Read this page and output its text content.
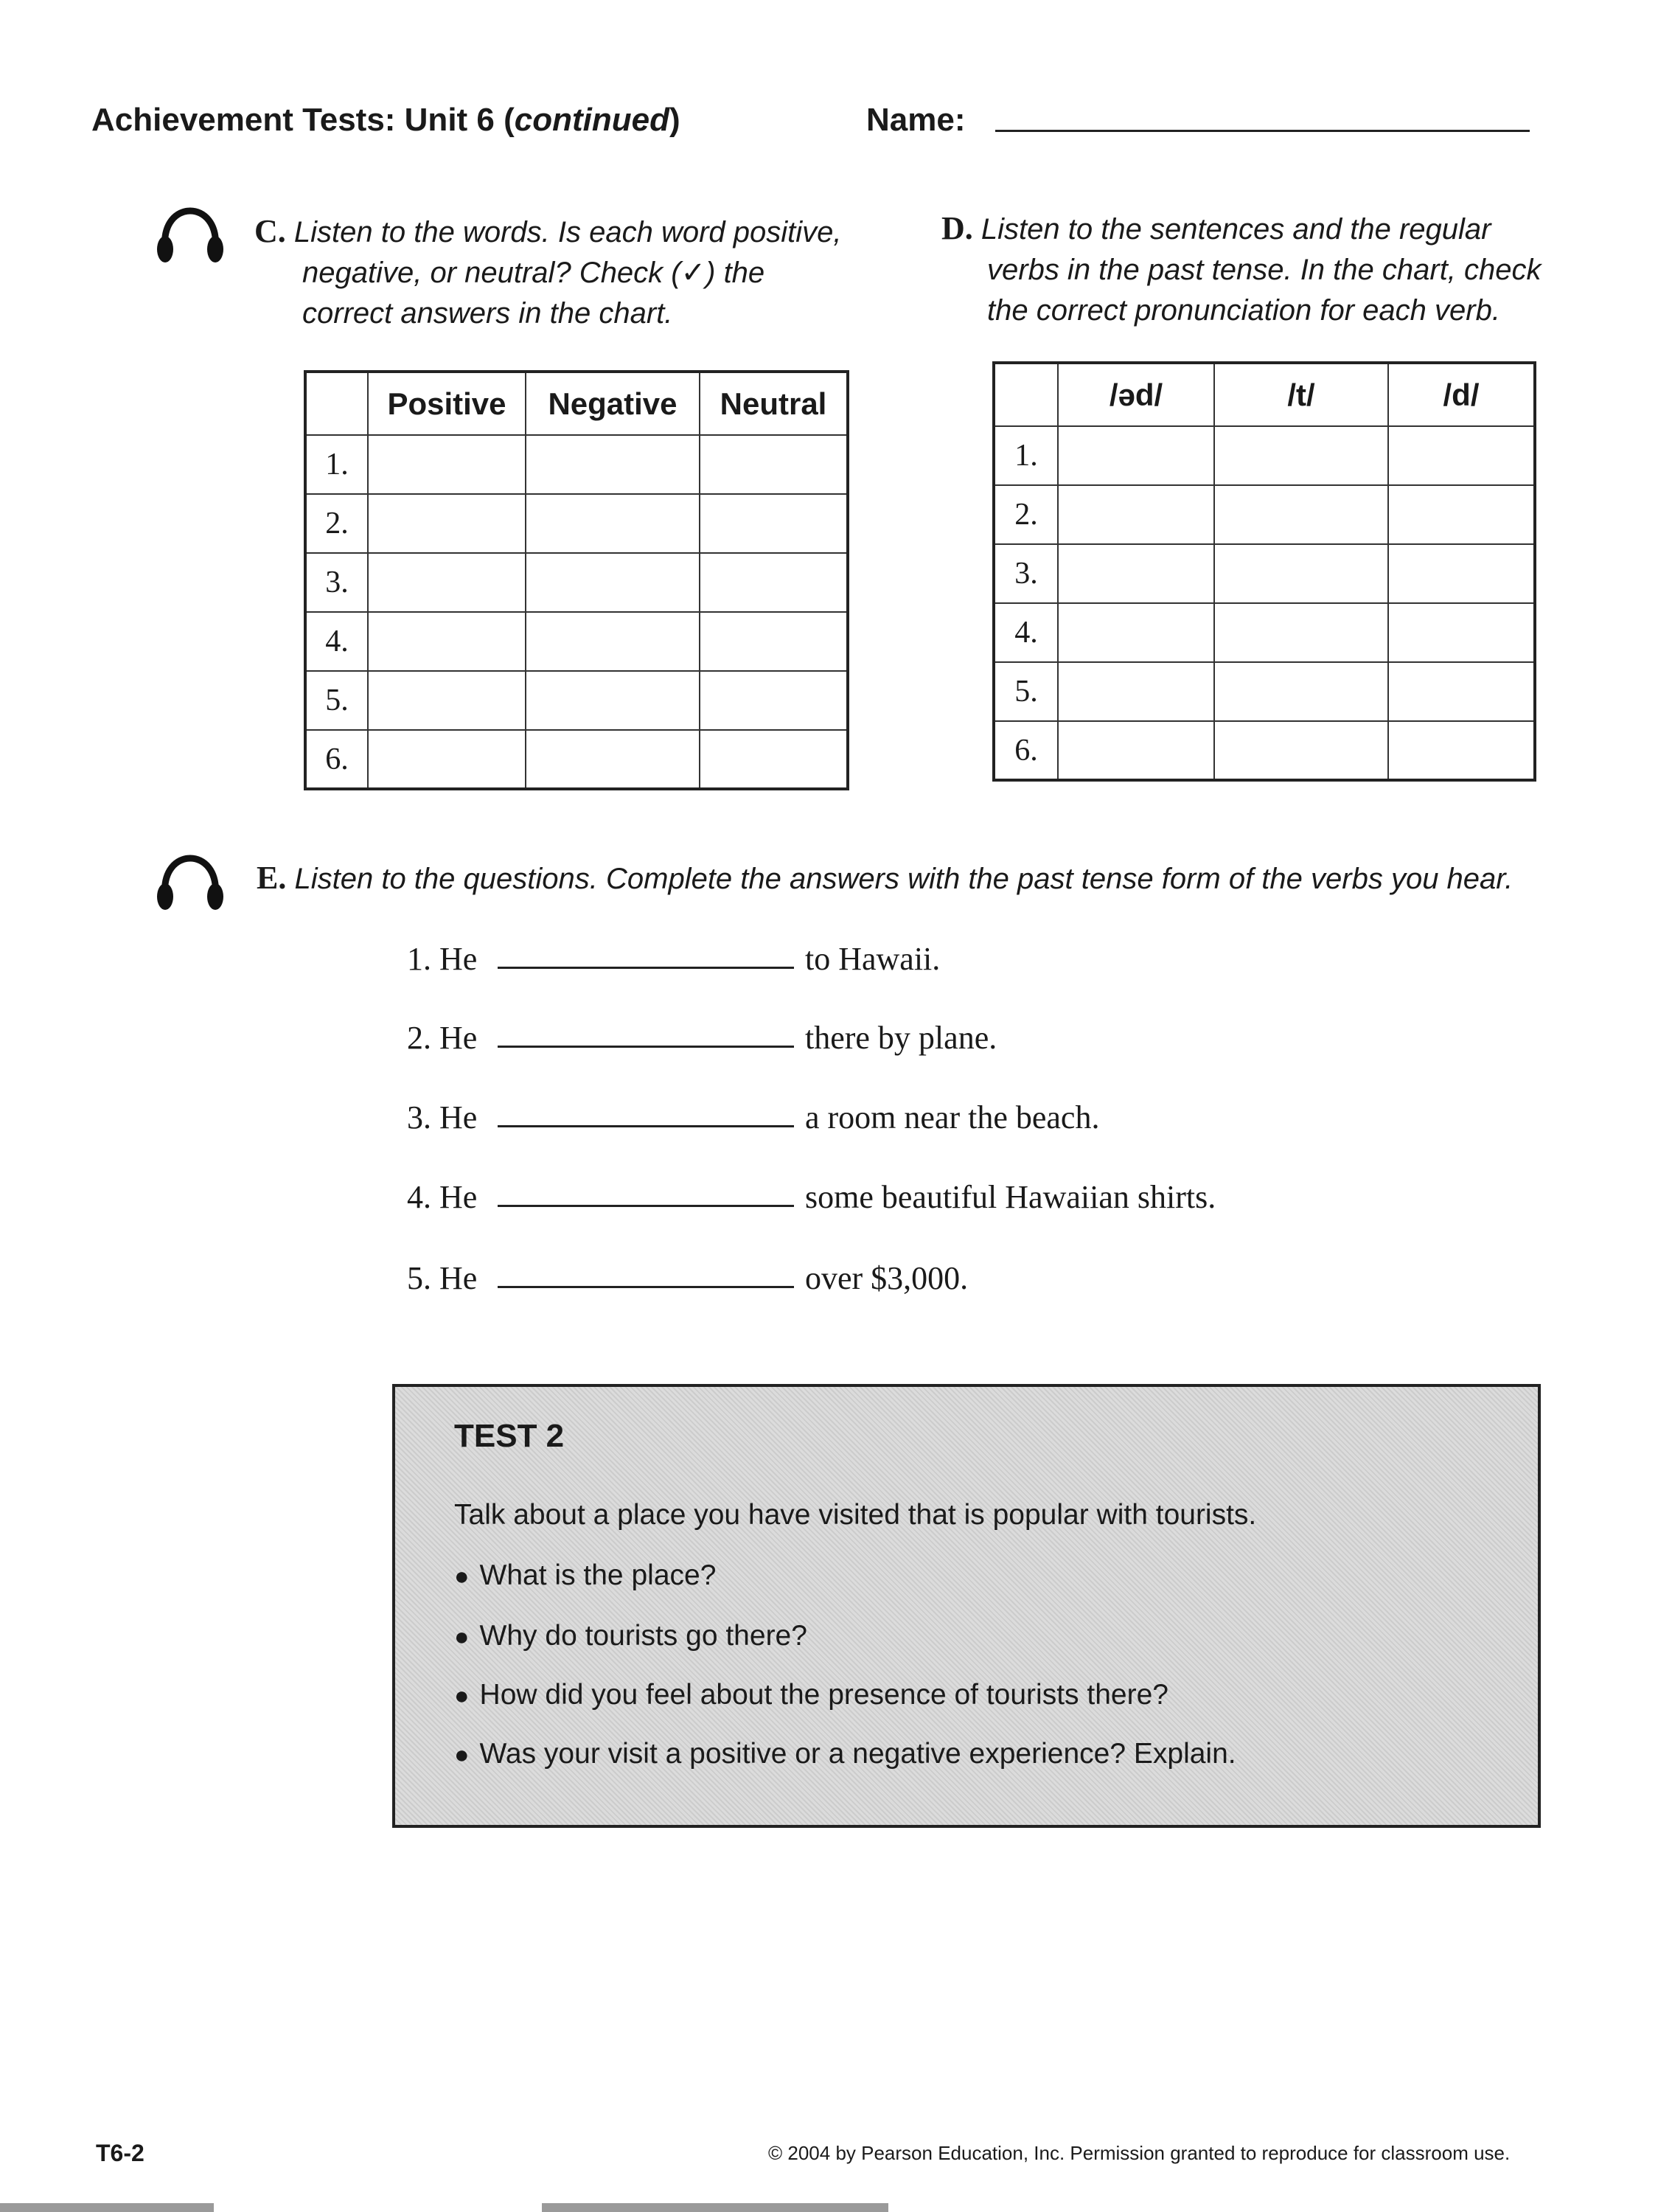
Achievement Tests: Unit 6 (continued)	Name:
C. Listen to the words. Is each word positive,
negative, or neutral? Check (✓) the
correct answers in the chart.
D. Listen to the sentences and the regular
verbs in the past tense. In the chart, check
the correct pronunciation for each verb.
	Positive	Negative	Neutral
1.			
2.			
3.			
4.			
5.			
6.			
	/əd/	/t/	/d/
1.			
2.			
3.			
4.			
5.			
6.			
E. Listen to the questions. Complete the answers with the past tense form of the verbs you hear.
1. He	to Hawaii.
2. He	there by plane.
3. He	a room near the beach.
4. He	some beautiful Hawaiian shirts.
5. He	over $3,000.
TEST 2
Talk about a place you have visited that is popular with tourists.
● What is the place?
● Why do tourists go there?
● How did you feel about the presence of tourists there?
● Was your visit a positive or a negative experience? Explain.
T6-2	© 2004 by Pearson Education, Inc. Permission granted to reproduce for classroom use.
